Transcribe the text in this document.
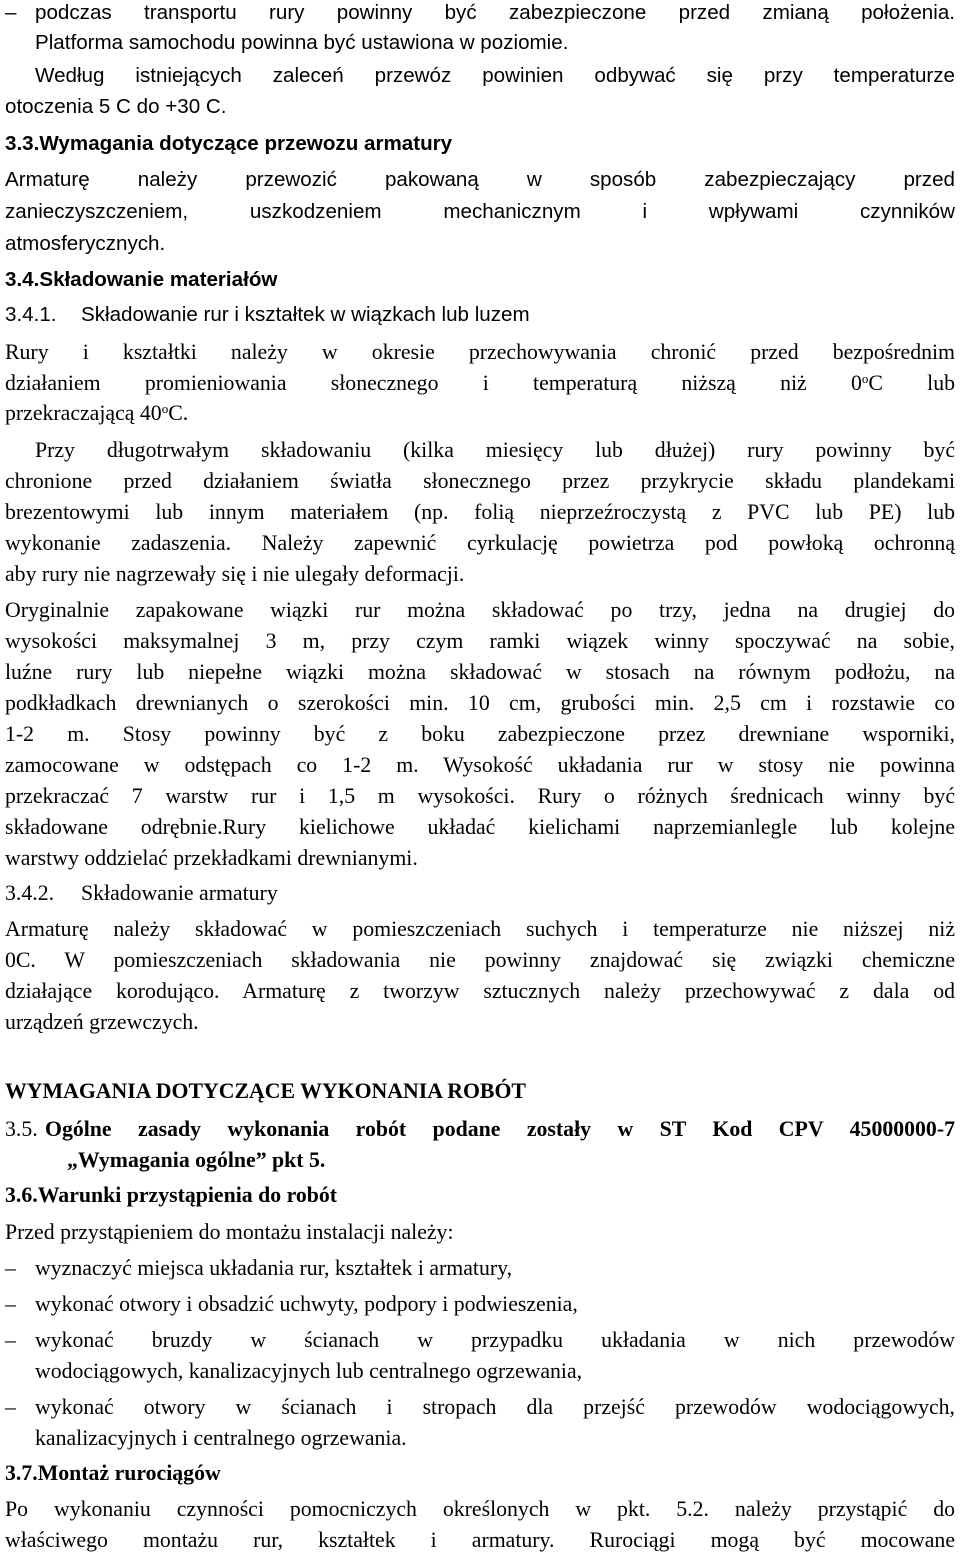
– podczas transportu rury powinny być zabezpieczone przed zmianą położenia.
Platforma samochodu powinna być ustawiona w poziomie.
Według istniejących zaleceń przewóz powinien odbywać się przy temperaturze
otoczenia 5 C do +30 C.
3.3.Wymagania dotyczące przewozu armatury
Armaturę należy przewozić pakowaną w sposób zabezpieczający przed
zanieczyszczeniem, uszkodzeniem mechanicznym i wpływami czynników
atmosferycznych.
3.4.Składowanie materiałów
3.4.1. Składowanie rur i kształtek w wiązkach lub luzem
Rury i kształtki należy w okresie przechowywania chronić przed bezpośrednim
działaniem promieniowania słonecznego i temperaturą niższą niż 0$^o$C lub
przekraczającą 40$^o$C.
Przy długotrwałym składowaniu (kilka miesięcy lub dłużej) rury powinny być
chronione przed działaniem światła słonecznego przez przykrycie składu plandekami
brezentowymi lub innym materiałem (np. folią nieprzeźroczystą z PVC lub PE) lub
wykonanie zadaszenia. Należy zapewnić cyrkulację powietrza pod powłoką ochronną
aby rury nie nagrzewały się i nie ulegały deformacji.
Oryginalnie zapakowane wiązki rur można składować po trzy, jedna na drugiej do
wysokości maksymalnej 3 m, przy czym ramki wiązek winny spoczywać na sobie,
luźne rury lub niepełne wiązki można składować w stosach na równym podłożu, na
podkładkach drewnianych o szerokości min. 10 cm, grubości min. 2,5 cm i rozstawie co
1-2 m. Stosy powinny być z boku zabezpieczone przez drewniane wsporniki,
zamocowane w odstępach co 1-2 m. Wysokość układania rur w stosy nie powinna
przekraczać 7 warstw rur i 1,5 m wysokości. Rury o różnych średnicach winny być
składowane odrębnie.Rury kielichowe układać kielichami naprzemianlegle lub kolejne
warstwy oddzielać przekładkami drewnianymi.
3.4.2. Składowanie armatury
Armaturę należy składować w pomieszczeniach suchych i temperaturze nie niższej niż
0C. W pomieszczeniach składowania nie powinny znajdować się związki chemiczne
działające korodująco. Armaturę z tworzyw sztucznych należy przechowywać z dala od
urządzeń grzewczych.
WYMAGANIA DOTYCZĄCE WYKONANIA ROBÓT
3.5. Ogólne zasady wykonania robót podane zostały w ST Kod CPV 45000000-7
„Wymagania ogólne” pkt 5.
3.6.Warunki przystąpienia do robót
Przed przystąpieniem do montażu instalacji należy:
– wyznaczyć miejsca układania rur, kształtek i armatury,
– wykonać otwory i obsadzić uchwyty, podpory i podwieszenia,
– wykonać bruzdy w ścianach w przypadku układania w nich przewodów
wodociągowych, kanalizacyjnych lub centralnego ogrzewania,
– wykonać otwory w ścianach i stropach dla przejść przewodów wodociągowych,
kanalizacyjnych i centralnego ogrzewania.
3.7.Montaż rurociągów
Po wykonaniu czynności pomocniczych określonych w pkt. 5.2. należy przystąpić do
właściwego montażu rur, kształtek i armatury. Rurociągi mogą być mocowane
